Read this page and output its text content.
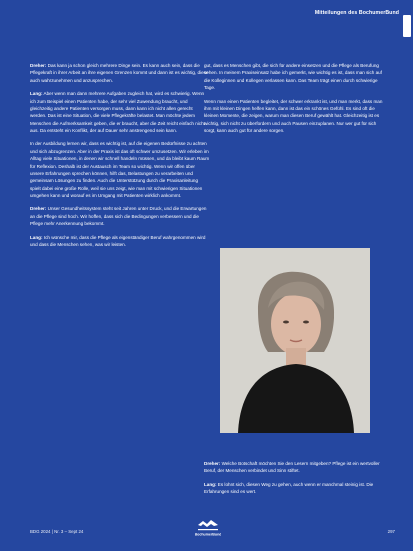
Mitteilungen des BochumerBund

Dreher: Das kann ja schon gleich mehrere Dinge sein. Es kann auch sein, dass die Pflegekraft in ihrer Arbeit an ihre eigenen Grenzen kommt und dann ist es wichtig, diese auch wahrzunehmen und anzusprechen.

Lang: Aber wenn man dann mehrere Aufgaben zugleich hat, wird es schwierig. Wenn ich zum Beispiel einen Patienten habe, der sehr viel Zuwendung braucht, und gleichzeitig andere Patienten versorgen muss, dann kann ich nicht allen gerecht werden. Das ist eine Situation, die viele Pflegekräfte belastet. Man möchte jedem Menschen die Aufmerksamkeit geben, die er braucht, aber die Zeit reicht einfach nicht aus. Da entsteht ein Konflikt, der auf Dauer sehr anstrengend sein kann.

In der Ausbildung lernen wir, dass es wichtig ist, auf die eigenen Bedürfnisse zu achten und sich abzugrenzen. Aber in der Praxis ist das oft schwer umzusetzen. Wir erleben im Alltag viele Situationen, in denen wir schnell handeln müssen, und da bleibt kaum Raum für Reflexion. Deshalb ist der Austausch im Team so wichtig. Wenn wir offen über unsere Erfahrungen sprechen können, hilft das, Belastungen zu verarbeiten und gemeinsam Lösungen zu finden. Auch die Unterstützung durch die Praxisanleitung spielt dabei eine große Rolle, weil sie uns zeigt, wie man mit schwierigen Situationen umgehen kann und worauf es im Umgang mit Patienten wirklich ankommt.

Dreher: Unser Gesundheitssystem steht seit Jahren unter Druck, und die Erwartungen an die Pflege sind hoch. Wir hoffen, dass sich die Bedingungen verbessern und die Pflege mehr Anerkennung bekommt.

Lang: Ich wünsche mir, dass die Pflege als eigenständiger Beruf wahrgenommen wird und dass die Menschen sehen, was wir leisten.

gut, dass es Menschen gibt, die sich für andere einsetzen und die Pflege als Berufung sehen. In meinem Praxiseinsatz habe ich gemerkt, wie wichtig es ist, dass man sich auf die Kolleginnen und Kollegen verlassen kann. Das Team trägt einen durch schwierige Tage.

Wenn man einen Patienten begleitet, der schwer erkrankt ist, und man merkt, dass man ihm mit kleinen Dingen helfen kann, dann ist das ein schönes Gefühl. Es sind oft die kleinen Momente, die zeigen, warum man diesen Beruf gewählt hat. Gleichzeitig ist es wichtig, sich nicht zu überfordern und auch Pausen einzuplanen. Nur wer gut für sich sorgt, kann auch gut für andere sorgen.

Dreher: Welche Botschaft möchten Sie den Lesern mitgeben? Pflege ist ein wertvoller Beruf, der Menschen verbindet und Sinn stiftet.

Lang: Es lohnt sich, diesen Weg zu gehen, auch wenn er manchmal steinig ist. Die Erfahrungen sind es wert.

BDG 2024 | Nr. 3 – Sept 24
BochumerBund
297
